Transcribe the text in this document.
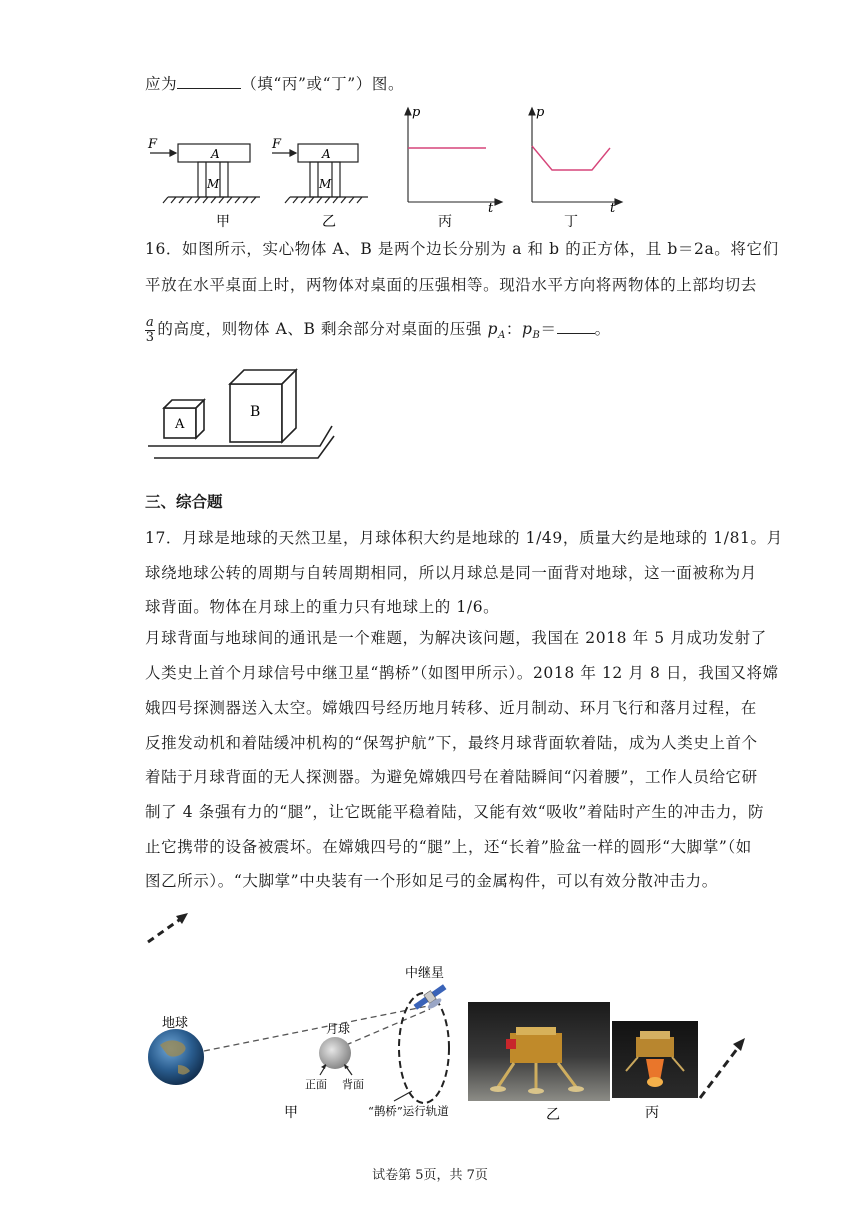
应为	（填“丙”或“丁”）图。
F
A
M
甲
F
A
M
乙
p
t
丙
p
t
丁
16．如图所示，实心物体 A、B 是两个边长分别为 a 和 b 的正方体，且 b＝2a。将它们
平放在水平桌面上时，两物体对桌面的压强相等。现沿水平方向将两物体的上部均切去
$\frac{a}{3}$ 的高度，则物体 A、B 剩余部分对桌面的压强 $p_A$：$p_B=$ 。
A
B
三、综合题
17．月球是地球的天然卫星，月球体积大约是地球的 1/49，质量大约是地球的 1/81。月
球绕地球公转的周期与自转周期相同，所以月球总是同一面背对地球，这一面被称为月
球背面。物体在月球上的重力只有地球上的 1/6。
月球背面与地球间的通讯是一个难题，为解决该问题，我国在 2018 年 5 月成功发射了
人类史上首个月球信号中继卫星“鹊桥”（如图甲所示）。2018 年 12 月 8 日，我国又将嫦
娥四号探测器送入太空。嫦娥四号经历地月转移、近月制动、环月飞行和落月过程，在
反推发动机和着陆缓冲机构的“保驾护航”下，最终月球背面软着陆，成为人类史上首个
着陆于月球背面的无人探测器。为避免嫦娥四号在着陆瞬间“闪着腰”，工作人员给它研
制了 4 条强有力的“腿”，让它既能平稳着陆，又能有效“吸收”着陆时产生的冲击力，防
止它携带的设备被震坏。在嫦娥四号的“腿”上，还“长着”脸盆一样的圆形“大脚掌”（如
图乙所示）。“大脚掌”中央装有一个形如足弓的金属构件，可以有效分散冲击力。
地球	月球
正面 背面
“鹊桥”运行轨道
中继星
甲	乙	丙
试卷第 5页，共 7页
